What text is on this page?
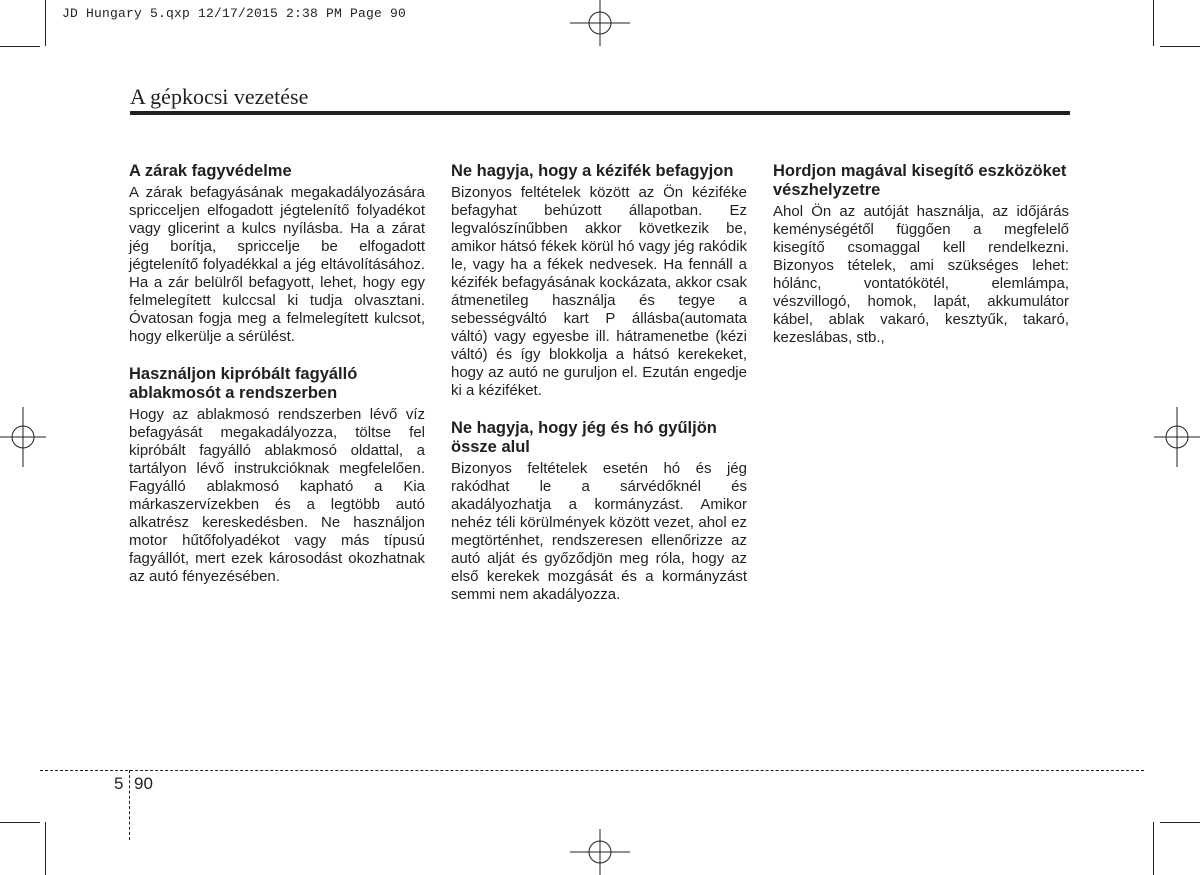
JD Hungary 5.qxp 12/17/2015 2:38 PM Page 90
A gépkocsi vezetése
A zárak fagyvédelme
A zárak befagyásának megakadályozására spricceljen elfogadott jégtelenítő folyadékot vagy glicerint a kulcs nyílásba. Ha a zárat jég borítja, spriccelje be elfogadott jégtelenítő folyadékkal a jég eltávolításához. Ha a zár belülről befagyott, lehet, hogy egy felmelegített kulccsal ki tudja olvasztani. Óvatosan fogja meg a felmelegített kulcsot, hogy elkerülje a sérülést.
Használjon kipróbált fagyálló ablakmosót a rendszerben
Hogy az ablakmosó rendszerben lévő víz befagyását megakadályozza, töltse fel kipróbált fagyálló ablakmosó oldattal, a tartályon lévő instrukcióknak megfelelően. Fagyálló ablakmosó kapható a Kia márkaszervízekben és a legtöbb autó alkatrész kereskedésben. Ne használjon motor hűtőfolyadékot vagy más típusú fagyállót, mert ezek károsodást okozhatnak az autó fényezésében.
Ne hagyja, hogy a kézifék befagyjon
Bizonyos feltételek között az Ön kéziféke befagyhat behúzott állapotban. Ez legvalószínűbben akkor következik be, amikor hátsó fékek körül hó vagy jég rakódik le, vagy ha a fékek nedvesek. Ha fennáll a kézifék befagyásának kockázata, akkor csak átmenetileg használja és tegye a sebességváltó kart P állásba(automata váltó) vagy egyesbe ill. hátramenetbe (kézi váltó) és így blokkolja a hátsó kerekeket, hogy az autó ne guruljon el. Ezután engedje ki a kéziféket.
Ne hagyja, hogy jég és hó gyűljön össze alul
Bizonyos feltételek esetén hó és jég rakódhat le a sárvédőknél és akadályozhatja a kormányzást. Amikor nehéz téli körülmények között vezet, ahol ez megtörténhet, rendszeresen ellenőrizze az autó alját és győződjön meg róla, hogy az első kerekek mozgását és a kormányzást semmi nem akadályozza.
Hordjon magával kisegítő eszközöket vészhelyzetre
Ahol Ön az autóját használja, az időjárás keménységétől függően a megfelelő kisegítő csomaggal kell rendelkezni. Bizonyos tételek, ami szükséges lehet: hólánc, vontatókötél, elemlámpa, vészvillogó, homok, lapát, akkumulátor kábel, ablak vakaró, kesztyűk, takaró, kezeslábas, stb.,
5 90
